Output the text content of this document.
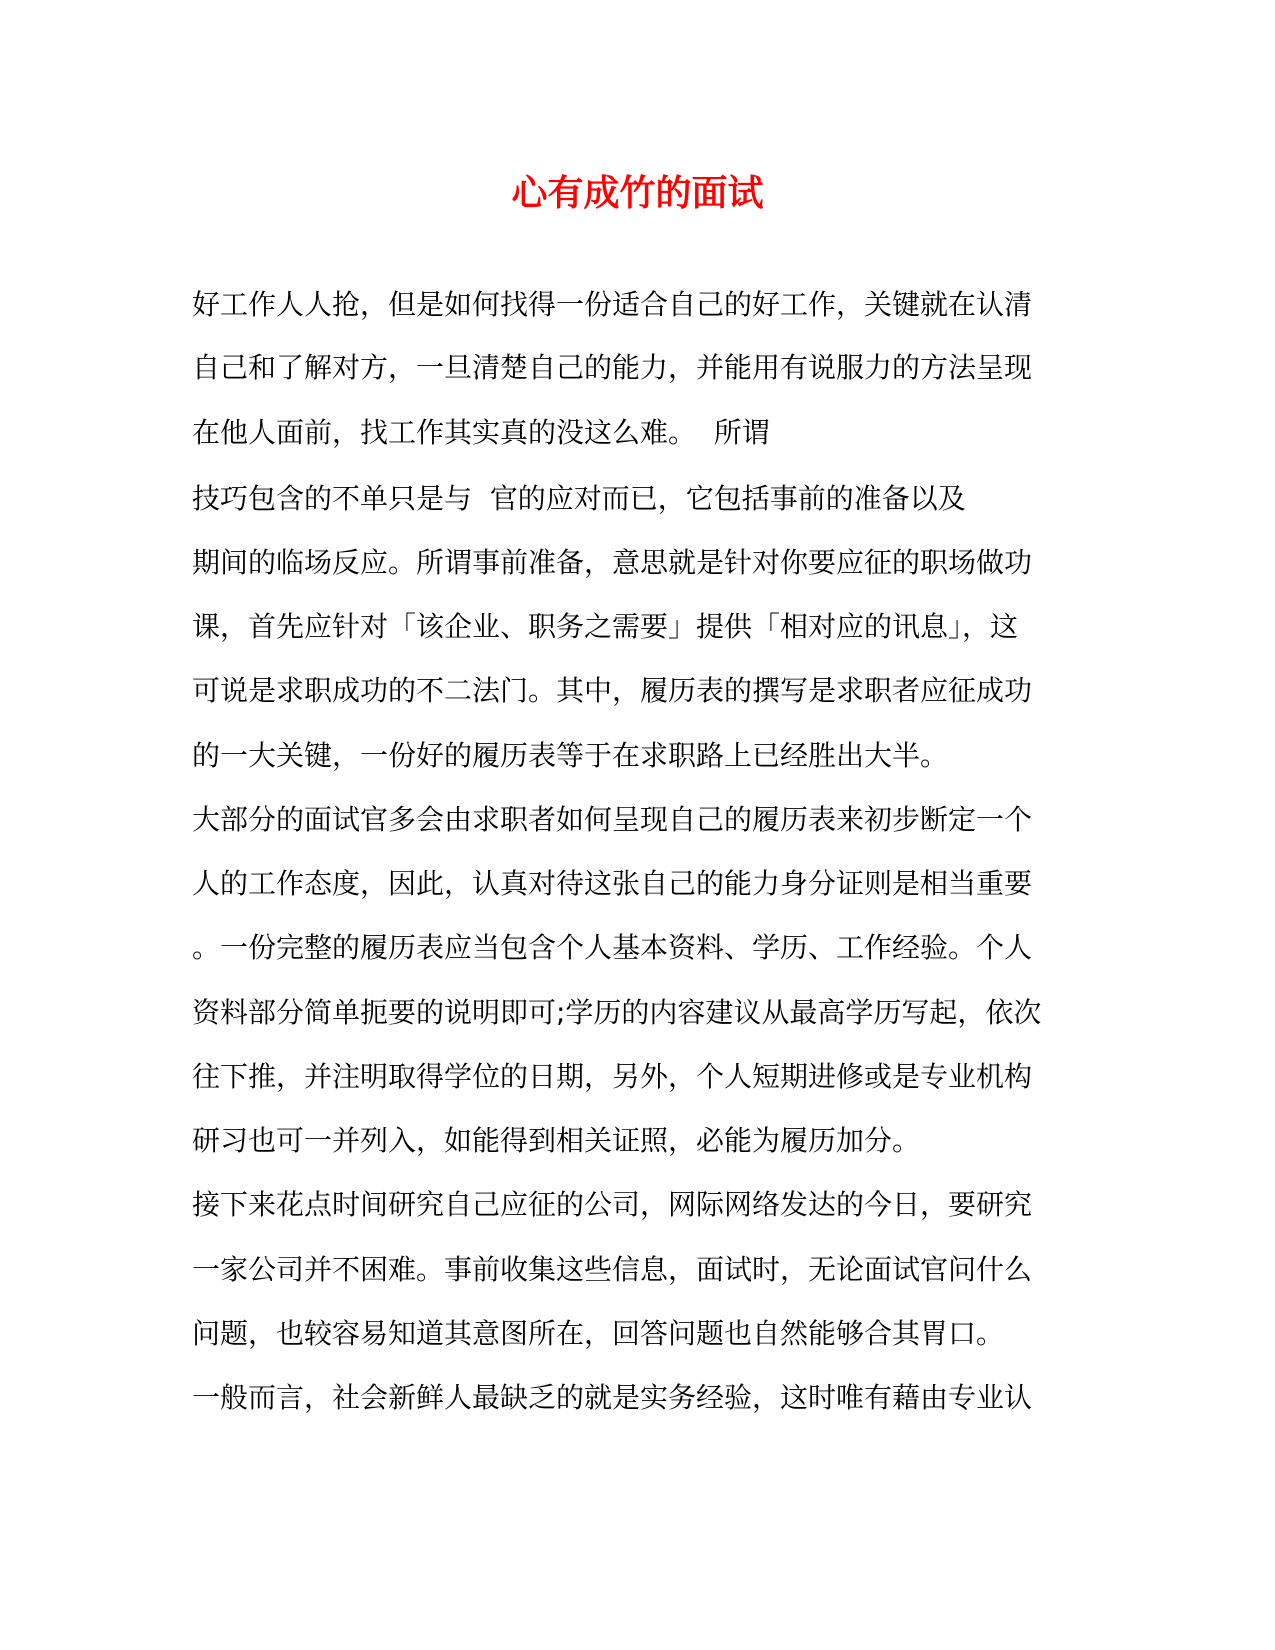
心有成竹的面试
好工作人人抢，但是如何找得一份适合自己的好工作，关键就在认清
自己和了解对方，一旦清楚自己的能力，并能用有说服力的方法呈现
在他人面前，找工作其实真的没这么难。  所谓
技巧包含的不单只是与  官的应对而已，它包括事前的准备以及
期间的临场反应。所谓事前准备，意思就是针对你要应征的职场做功
课，首先应针对「该企业、职务之需要」提供「相对应的讯息」，这
可说是求职成功的不二法门。其中，履历表的撰写是求职者应征成功
的一大关键，一份好的履历表等于在求职路上已经胜出大半。
大部分的面试官多会由求职者如何呈现自己的履历表来初步断定一个
人的工作态度，因此，认真对待这张自己的能力身分证则是相当重要
。一份完整的履历表应当包含个人基本资料、学历、工作经验。个人
资料部分简单扼要的说明即可;学历的内容建议从最高学历写起，依次
往下推，并注明取得学位的日期，另外，个人短期进修或是专业机构
研习也可一并列入，如能得到相关证照，必能为履历加分。
接下来花点时间研究自己应征的公司，网际网络发达的今日，要研究
一家公司并不困难。事前收集这些信息，面试时，无论面试官问什么
问题，也较容易知道其意图所在，回答问题也自然能够合其胃口。
一般而言，社会新鲜人最缺乏的就是实务经验，这时唯有藉由专业认
